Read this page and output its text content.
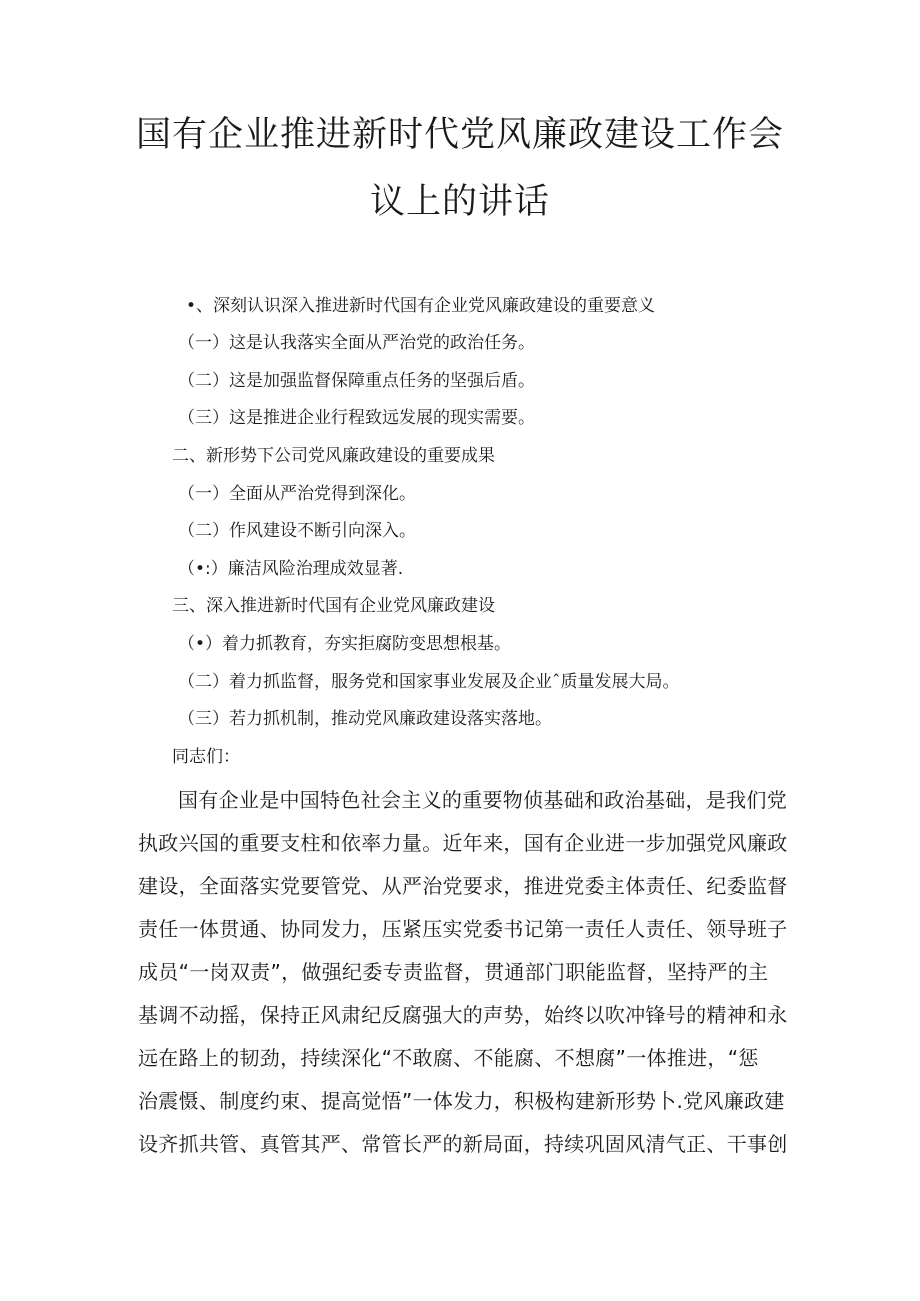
国有企业推进新时代党风廉政建设工作会
议上的讲话
•、深刻认识深入推进新时代国有企业党风廉政建设的重要意义
（一）这是认我落实全面从严治党的政治任务。
（二）这是加强监督保障重点任务的坚强后盾。
（三）这是推进企业行程致远发展的现实需要。
二、新形势下公司党风廉政建设的重要成果
（一）全面从严治党得到深化。
（二）作风建设不断引向深入。
（•:）廉洁风险治理成效显著.
三、深入推进新时代国有企业党风廉政建设
（•）着力抓教育，夯实拒腐防变思想根基。
（二）着力抓监督，服务党和国家事业发展及企业ˆ质量发展大局。
（三）若力抓机制，推动党风廉政建设落实落地。
同志们：
国有企业是中国特色社会主义的重要物侦基础和政治基础，是我们党
执政兴国的重要支柱和依率力量。近年来，国有企业进一步加强党风廉政
建设，全面落实党要管党、从严治党要求，推进党委主体责任、纪委监督
责任一体贯通、协同发力，压紧压实党委书记第一责任人责任、领导班子
成员“一岗双责”，做强纪委专责监督，贯通部门职能监督，坚持严的主
基调不动摇，保持正风肃纪反腐强大的声势，始终以吹冲锋号的精神和永
远在路上的韧劲，持续深化“不敢腐、不能腐、不想腐”一体推进，“惩
治震慑、制度约束、提高觉悟”一体发力，积极构建新形势卜.党风廉政建
设齐抓共管、真管其严、常管长严的新局面，持续巩固风清气正、干事创
